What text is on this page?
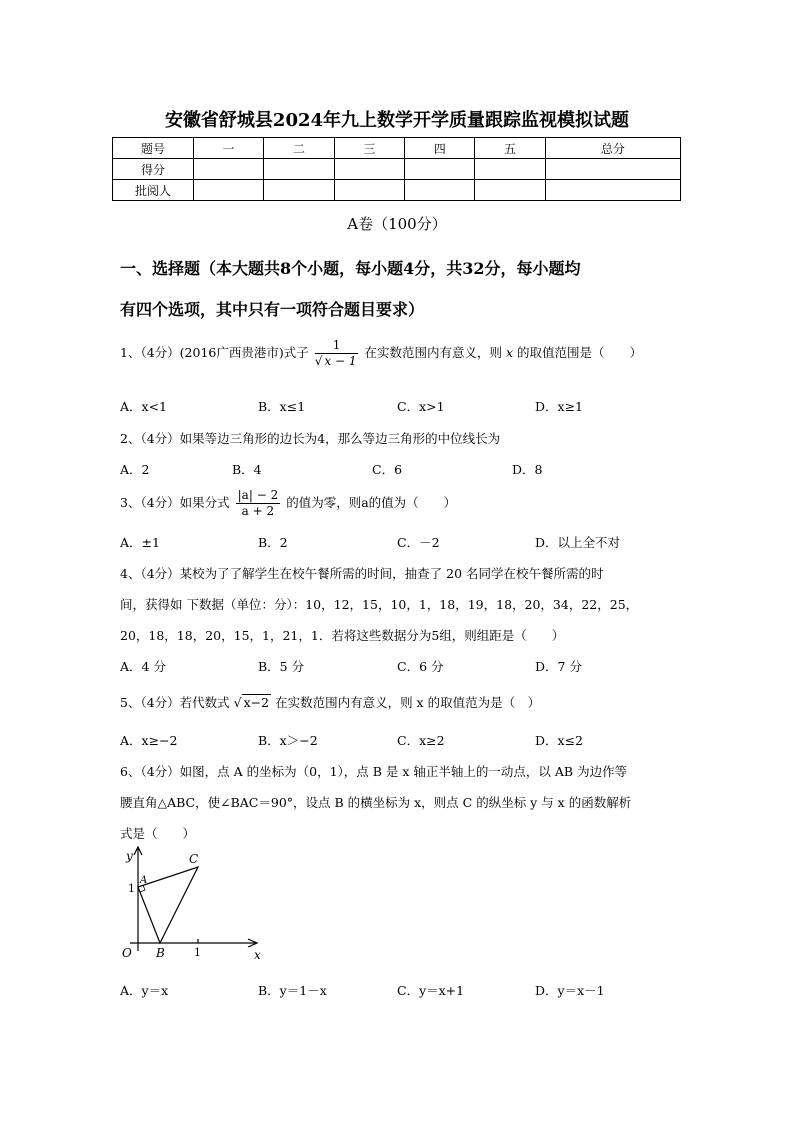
安徽省舒城县2024年九上数学开学质量跟踪监视模拟试题
题号	一	二	三	四	五	总分
得分						
批阅人						
A卷（100分）
一、选择题（本大题共8个小题，每小题4分，共32分，每小题均
有四个选项，其中只有一项符合题目要求）
1、（4分）(2016广西贵港市)式子 $\frac{1}{√ x - 1}$ 在实数范围内有意义，则 x 的取值范围是（　　）
A．x<1	B．x≤1	C．x>1	D．x≥1
2、（4分）如果等边三角形的边长为4，那么等边三角形的中位线长为
A．2	B．4	C．6	D．8
3、（4分）如果分式 $\frac{|a| - 2}{a + 2}$ 的值为零，则a的值为（　　）
A．±1	B．2	C．－2	D．以上全不对
4、（4分）某校为了了解学生在校午餐所需的时间，抽查了 20 名同学在校午餐所需的时
间，获得如 下数据（单位：分）：10，12，15，10，1，18，19，18，20，34，22，25，
20，18，18，20，15，1，21，1．若将这些数据分为5组，则组距是（　　）
A．4 分	B．5 分	C．6 分	D．7 分
5、（4分）若代数式 √ x−2 在实数范围内有意义，则 x 的取值范为是（　）
A．x≥−2	B．x＞−2	C．x≥2	D．x≤2
6、（4分）如图，点 A 的坐标为（0，1），点 B 是 x 轴正半轴上的一动点，以 AB 为边作等
腰直角△ABC，使∠BAC＝90°，设点 B 的横坐标为 x，则点 C 的纵坐标 y 与 x 的函数解析
式是（　　）
y
x
O
A
B
C
1
1
A．y＝x	B．y＝1－x	C．y＝x+1	D．y＝x－1
